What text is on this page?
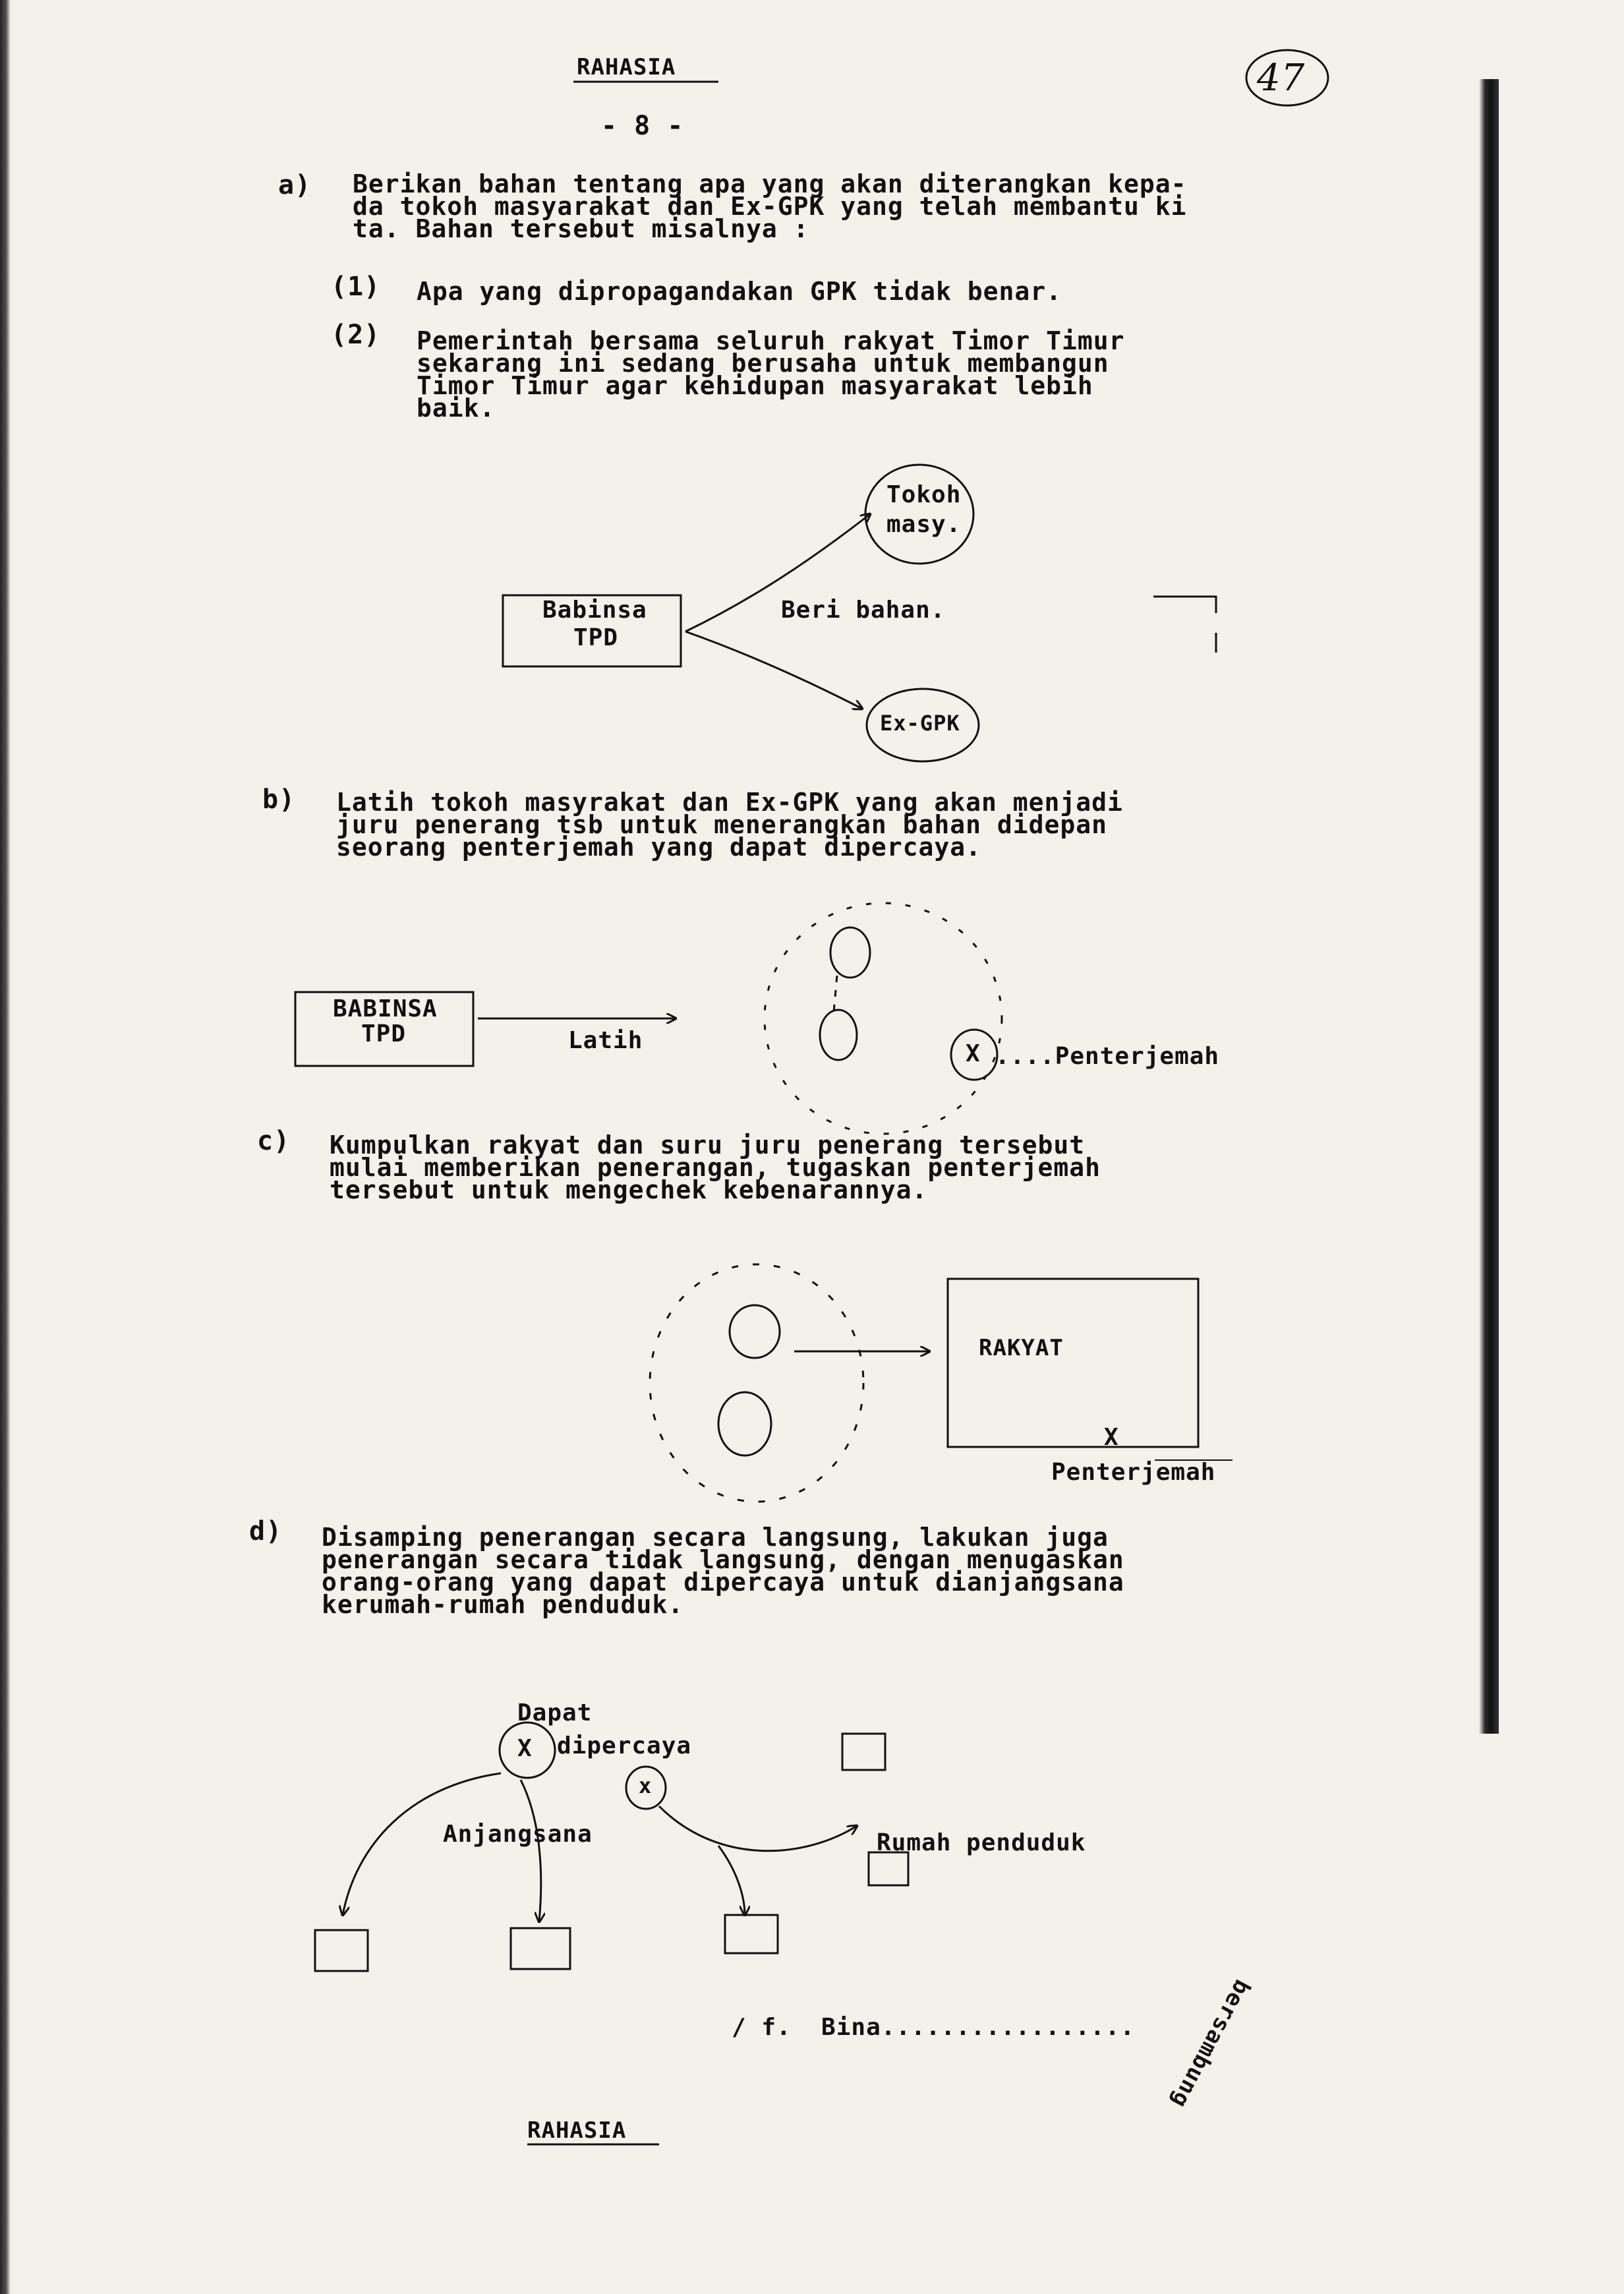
RAHASIA
- 8 -
47
a) Berikan bahan tentang apa yang akan diterangkan kepa-
da tokoh masyarakat dan Ex-GPK yang telah membantu ki
ta. Bahan tersebut misalnya :
(1) Apa yang dipropagandakan GPK tidak benar.
(2) Pemerintah bersama seluruh rakyat Timor Timur
sekarang ini sedang berusaha untuk membangun
Timor Timur agar kehidupan masyarakat lebih
baik.
Babinsa
TPD
Beri bahan.
Tokoh
masy.
Ex-GPK
b) Latih tokoh masyrakat dan Ex-GPK yang akan menjadi
juru penerang tsb untuk menerangkan bahan didepan
seorang penterjemah yang dapat dipercaya.
BABINSA
TPD	Latih	X ....Penterjemah
c) Kumpulkan rakyat dan suru juru penerang tersebut
mulai memberikan penerangan, tugaskan penterjemah
tersebut untuk mengechek kebenarannya.
RAKYAT
X
Penterjemah
d) Disamping penerangan secara langsung, lakukan juga
penerangan secara tidak langsung, dengan menugaskan
orang-orang yang dapat dipercaya untuk dianjangsana
kerumah-rumah penduduk.
Dapat
X dipercaya
x
Anjangsana	Rumah penduduk
/ f.  Bina.................
RAHASIA
bersambung
